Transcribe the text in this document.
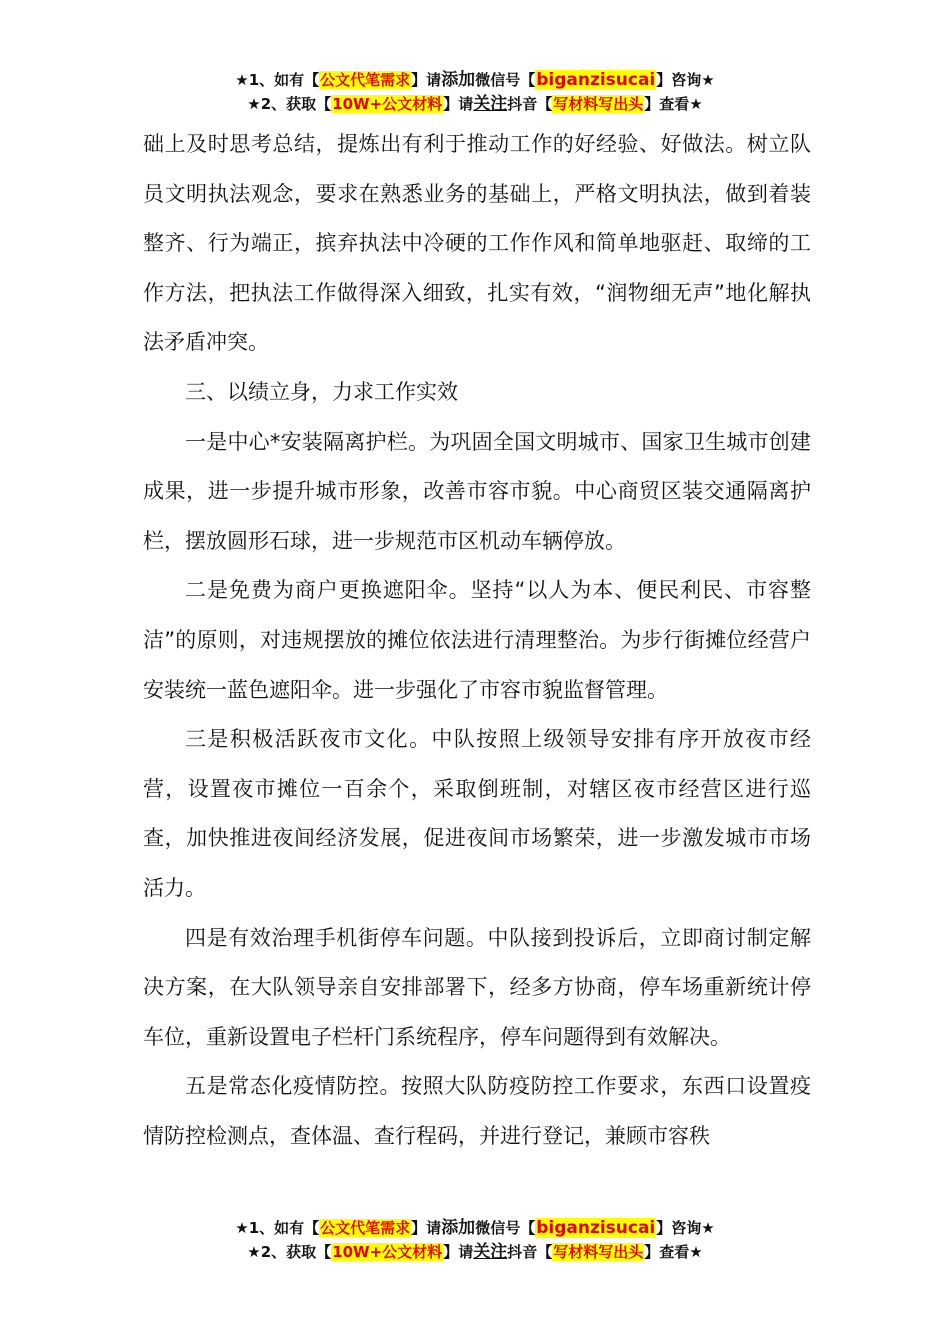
★1、如有【公文代笔需求】请添加微信号【biganzisucai】咨询★
★2、获取【10W+公文材料】请关注抖音【写材料写出头】查看★

础上及时思考总结，提炼出有利于推动工作的好经验、好做法。树立队员文明执法观念，要求在熟悉业务的基础上，严格文明执法，做到着装整齐、行为端正，摈弃执法中冷硬的工作作风和简单地驱赶、取缔的工作方法，把执法工作做得深入细致，扎实有效，“润物细无声”地化解执法矛盾冲突。

三、以绩立身，力求工作实效

一是中心*安装隔离护栏。为巩固全国文明城市、国家卫生城市创建成果，进一步提升城市形象，改善市容市貌。中心商贸区装交通隔离护栏，摆放圆形石球，进一步规范市区机动车辆停放。

二是免费为商户更换遮阳伞。坚持“以人为本、便民利民、市容整洁”的原则，对违规摆放的摊位依法进行清理整治。为步行街摊位经营户安装统一蓝色遮阳伞。进一步强化了市容市貌监督管理。

三是积极活跃夜市文化。中队按照上级领导安排有序开放夜市经营，设置夜市摊位一百余个，采取倒班制，对辖区夜市经营区进行巡查，加快推进夜间经济发展，促进夜间市场繁荣，进一步激发城市市场活力。

四是有效治理手机街停车问题。中队接到投诉后，立即商讨制定解决方案，在大队领导亲自安排部署下，经多方协商，停车场重新统计停车位，重新设置电子栏杆门系统程序，停车问题得到有效解决。

五是常态化疫情防控。按照大队防疫防控工作要求，东西口设置疫情防控检测点，查体温、查行程码，并进行登记，兼顾市容秩

★1、如有【公文代笔需求】请添加微信号【biganzisucai】咨询★
★2、获取【10W+公文材料】请关注抖音【写材料写出头】查看★
